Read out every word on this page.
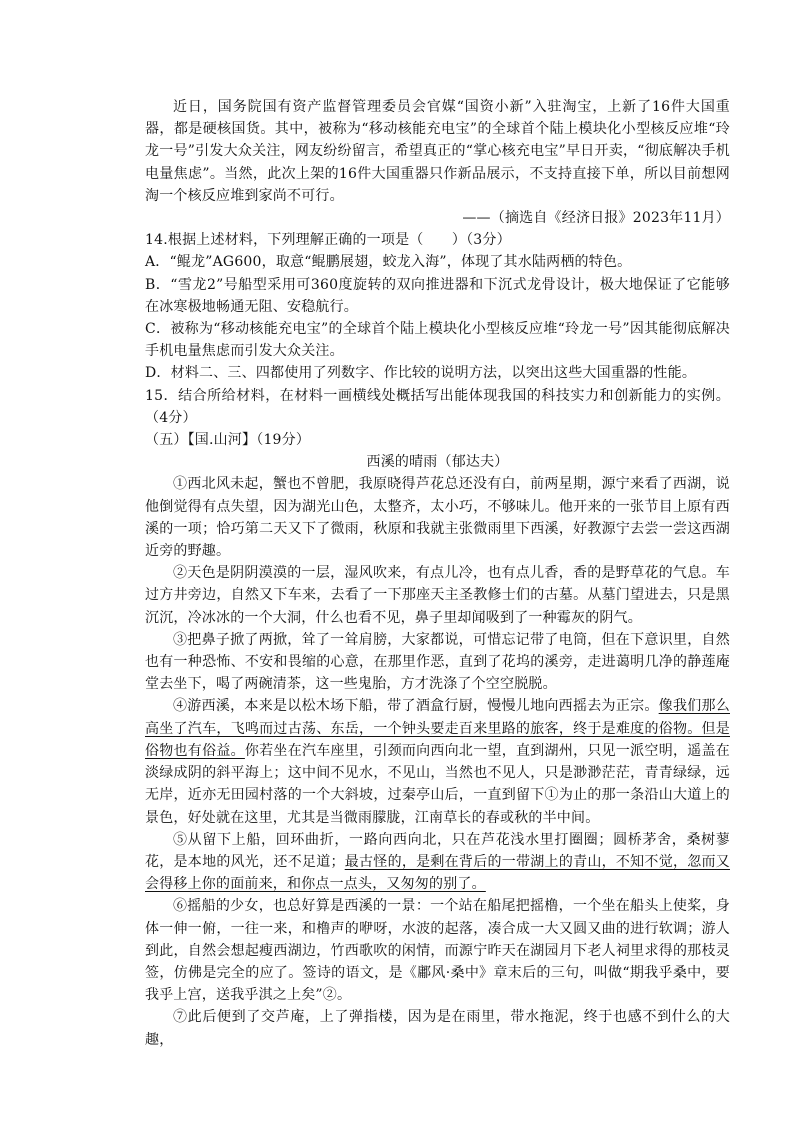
近日，国务院国有资产监督管理委员会官媒“国资小新”入驻淘宝，上新了16件大国重器，都是硬核国货。其中，被称为“移动核能充电宝”的全球首个陆上模块化小型核反应堆“玲龙一号”引发大众关注，网友纷纷留言，希望真正的“掌心核充电宝”早日开卖，“彻底解决手机电量焦虑”。当然，此次上架的16件大国重器只作新品展示，不支持直接下单，所以目前想网淘一个核反应堆到家尚不可行。
——（摘选自《经济日报》2023年11月）
14.根据上述材料，下列理解正确的一项是（　　）（3分）
A．“鲲龙”AG600，取意“鲲鹏展翅，蛟龙入海”，体现了其水陆两栖的特色。
B．“雪龙2”号船型采用可360度旋转的双向推进器和下沉式龙骨设计，极大地保证了它能够在冰寒极地畅通无阻、安稳航行。
C．被称为“移动核能充电宝”的全球首个陆上模块化小型核反应堆“玲龙一号”因其能彻底解决手机电量焦虑而引发大众关注。
D．材料二、三、四都使用了列数字、作比较的说明方法，以突出这些大国重器的性能。
15．结合所给材料，在材料一画横线处概括写出能体现我国的科技实力和创新能力的实例。（4分）
（五）【国.山河】（19分）
西溪的晴雨（郁达夫）
①西北风未起，蟹也不曾肥，我原晓得芦花总还没有白，前两星期，源宁来看了西湖，说他倒觉得有点失望，因为湖光山色，太整齐，太小巧，不够味儿。他开来的一张节目上原有西溪的一项；恰巧第二天又下了微雨，秋原和我就主张微雨里下西溪，好教源宁去尝一尝这西湖近旁的野趣。
②天色是阴阴漠漠的一层，湿风吹来，有点儿冷，也有点儿香，香的是野草花的气息。车过方井旁边，自然又下车来，去看了一下那座天主圣教修士们的古墓。从墓门望进去，只是黑沉沉，冷冰冰的一个大洞，什么也看不见，鼻子里却闻吸到了一种霉灰的阴气。
③把鼻子掀了两掀，耸了一耸肩膀，大家都说，可惜忘记带了电筒，但在下意识里，自然也有一种恐怖、不安和畏缩的心意，在那里作恶，直到了花坞的溪旁，走进蔼明几净的静莲庵堂去坐下，喝了两碗清茶，这一些鬼胎，方才洗涤了个空空脱脱。
④游西溪，本来是以松木场下船，带了酒盒行厨，慢慢儿地向西摇去为正宗。像我们那么高坐了汽车，飞鸣而过古荡、东岳，一个钟头要走百来里路的旅客，终于是难度的俗物。但是俗物也有俗益。你若坐在汽车座里，引颈而向西向北一望，直到湖州，只见一派空明，遥盖在淡绿成阴的斜平海上；这中间不见水，不见山，当然也不见人，只是渺渺茫茫，青青绿绿，远无岸，近亦无田园村落的一个大斜坡，过秦亭山后，一直到留下①为止的那一条沿山大道上的景色，好处就在这里，尤其是当微雨朦胧，江南草长的春或秋的半中间。
⑤从留下上船，回环曲折，一路向西向北，只在芦花浅水里打圈圈；圆桥茅舍，桑树蓼花，是本地的风光，还不足道；最古怪的，是剩在背后的一带湖上的青山，不知不觉，忽而又会得移上你的面前来，和你点一点头，又匆匆的别了。
⑥摇船的少女，也总好算是西溪的一景：一个站在船尾把摇橹，一个坐在船头上使桨，身体一伸一俯，一往一来，和橹声的咿呀，水波的起落，凑合成一大又圆又曲的进行软调；游人到此，自然会想起瘦西湖边，竹西歌吹的闲情，而源宁昨天在湖园月下老人祠里求得的那枝灵签，仿佛是完全的应了。签诗的语文，是《鄘风·桑中》章末后的三句，叫做“期我乎桑中，要我乎上宫，送我乎淇之上矣”②。
⑦此后便到了交芦庵，上了弹指楼，因为是在雨里，带水拖泥，终于也感不到什么的大趣，
